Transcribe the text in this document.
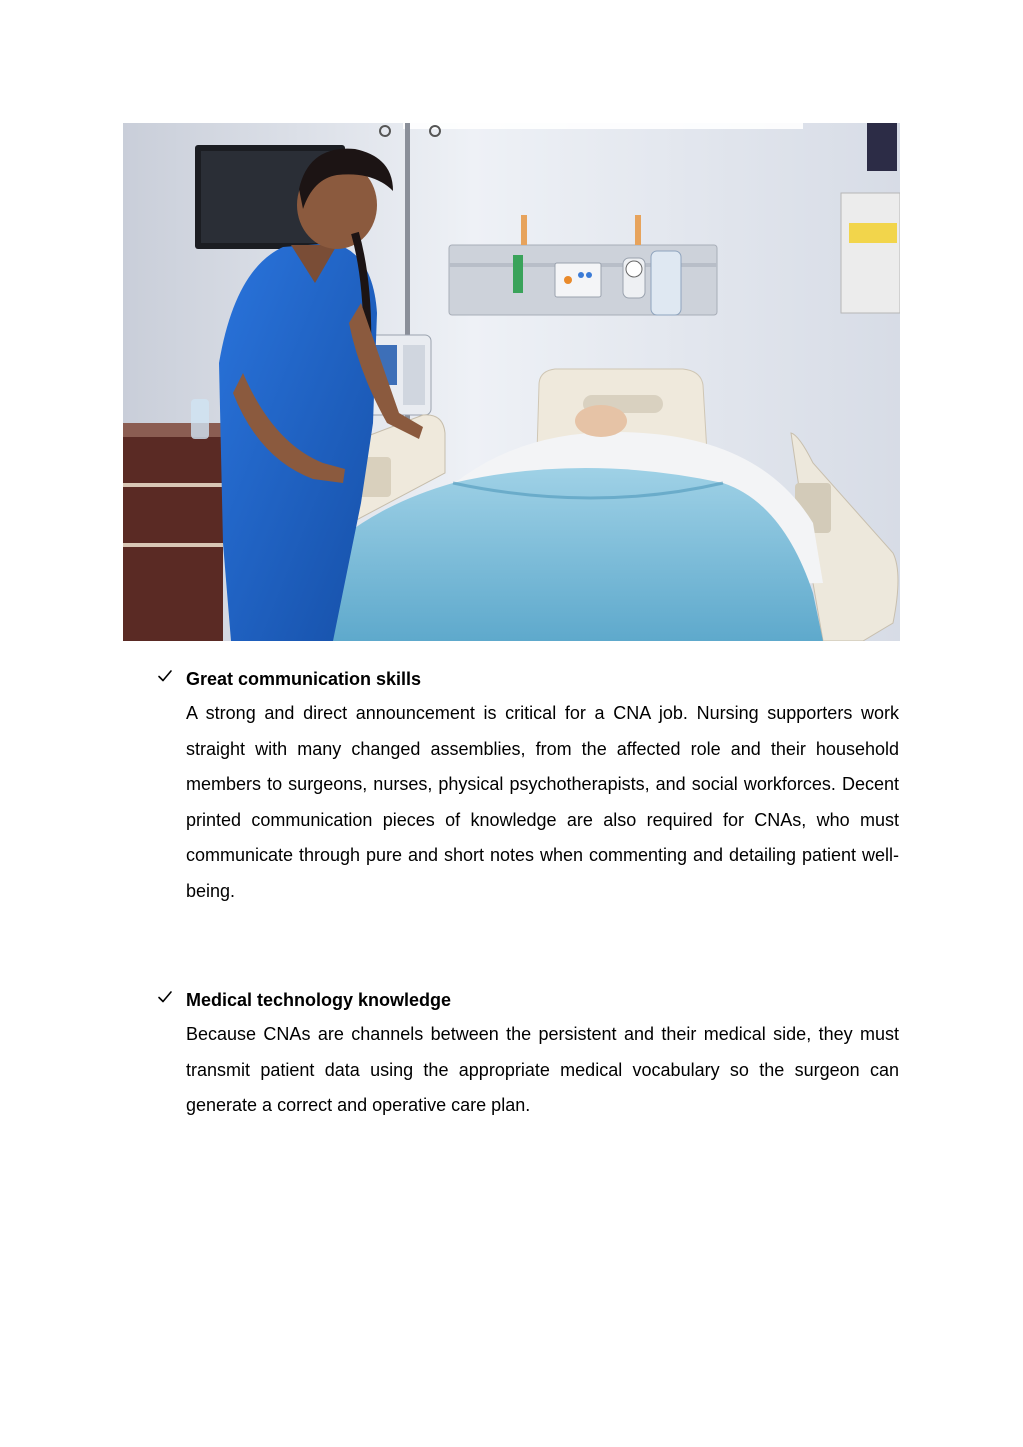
Great communication skills

A strong and direct announcement is critical for a CNA job. Nursing supporters work straight with many changed assemblies, from the affected role and their household members to surgeons, nurses, physical psychotherapists, and social workforces. Decent printed communication pieces of knowledge are also required for CNAs, who must communicate through pure and short notes when commenting and detailing patient well-being.

Medical technology knowledge

Because CNAs are channels between the persistent and their medical side, they must transmit patient data using the appropriate medical vocabulary so the surgeon can generate a correct and operative care plan.
